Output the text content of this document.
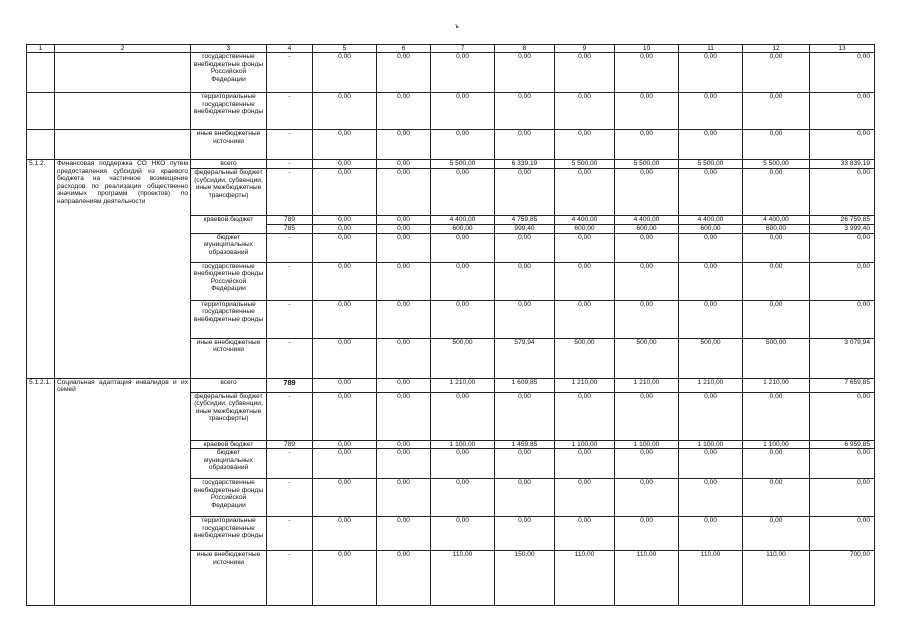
ъ
1	2	3	4	5	6	7	8	9	10	11	12	13
		государственные внебюджетные фонды Российской Федерации	-	0,00	0,00	0,00	0,00	0,00	0,00	0,00	0,00	0,00
		территориальные государственные внебюджетные фонды	-	0,00	0,00	0,00	0,00	0,00	0,00	0,00	0,00	0,00
		иные внебюджетные источники	-	0,00	0,00	0,00	0,00	0,00	0,00	0,00	0,00	0,00
5.1.2.	Финансовая поддержка СО НКО путем предоставления субсидий из краевого бюджета на частичное возмещение расходов по реализации общественно значимых программ (проектов) по направлениям деятельности	всего	-	0,00	0,00	5 500,00	6 339,19	5 500,00	5 500,00	5 500,00	5 500,00	33 839,19
		федеральный бюджет (субсидии, субвенции, иные межбюджетные трансферты)	-	0,00	0,00	0,00	0,00	0,00	0,00	0,00	0,00	0,00
		краевой бюджет	789	0,00	0,00	4 400,00	4 759,85	4 400,00	4 400,00	4 400,00	4 400,00	26 759,85
			785	0,00	0,00	600,00	999,40	600,00	600,00	600,00	600,00	3 999,40
		бюджет муниципальных образований	-	0,00	0,00	0,00	0,00	0,00	0,00	0,00	0,00	0,00
		государственные внебюджетные фонды Российской Федерации	-	0,00	0,00	0,00	0,00	0,00	0,00	0,00	0,00	0,00
		территориальные государственные внебюджетные фонды	-	0,00	0,00	0,00	0,00	0,00	0,00	0,00	0,00	0,00
		иные внебюджетные источники	-	0,00	0,00	500,00	579,94	500,00	500,00	500,00	500,00	3 079,94
5.1.2.1.	Социальная адаптация инвалидов и их семей	всего	789	0,00	0,00	1 210,00	1 609,85	1 210,00	1 210,00	1 210,00	1 210,00	7 659,85
		федеральный бюджет (субсидии, субвенции, иные межбюджетные трансферты)	-	0,00	0,00	0,00	0,00	0,00	0,00	0,00	0,00	0,00
		краевой бюджет	789	0,00	0,00	1 100,00	1 459,85	1 100,00	1 100,00	1 100,00	1 100,00	6 959,85
		бюджет муниципальных образований	-	0,00	0,00	0,00	0,00	0,00	0,00	0,00	0,00	0,00
		государственные внебюджетные фонды Российской Федерации	-	0,00	0,00	0,00	0,00	0,00	0,00	0,00	0,00	0,00
		территориальные государственные внебюджетные фонды	-	0,00	0,00	0,00	0,00	0,00	0,00	0,00	0,00	0,00
		иные внебюджетные источники	-	0,00	0,00	110,00	150,00	110,00	110,00	110,00	110,00	700,00
